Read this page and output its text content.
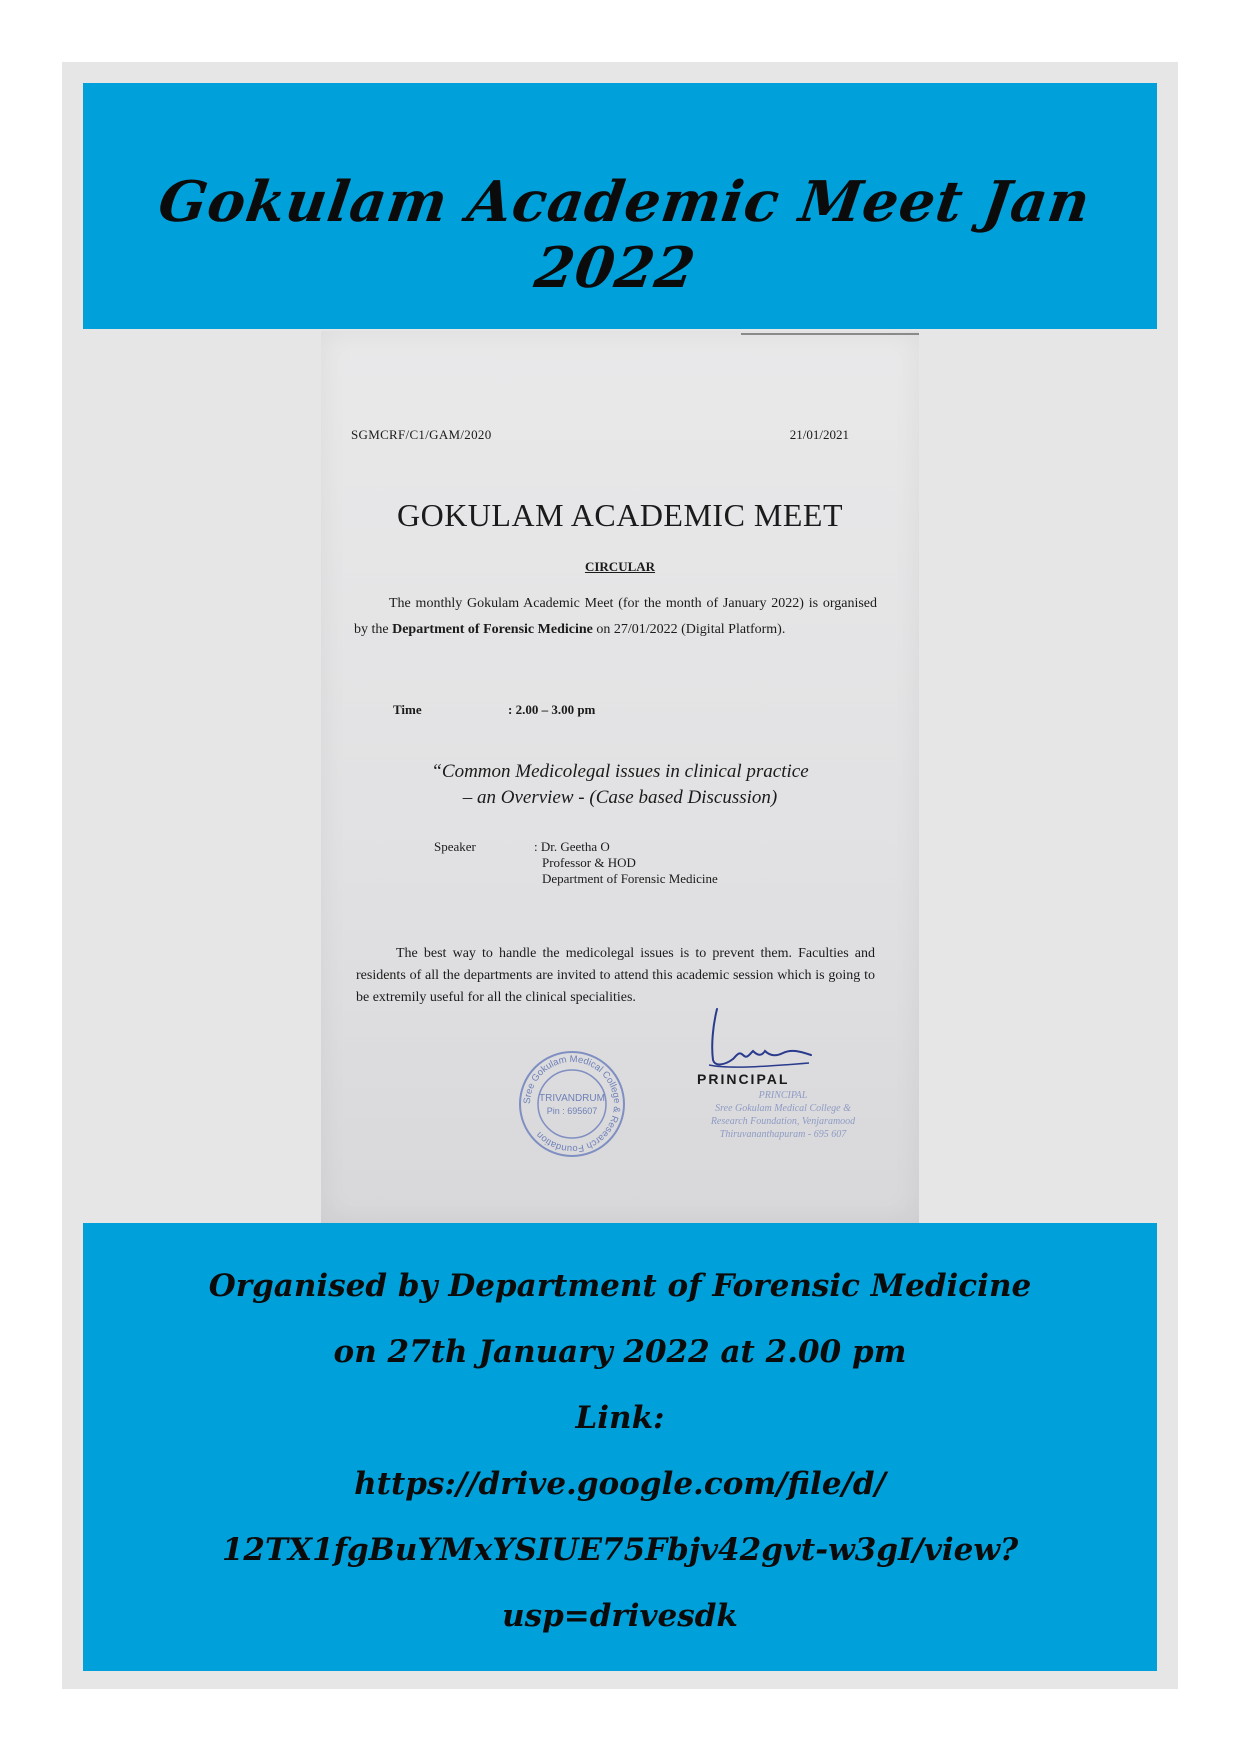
Gokulam Academic Meet Jan 2022
SGMCRF/C1/GAM/2020	21/01/2021
GOKULAM ACADEMIC MEET
CIRCULAR
The monthly Gokulam Academic Meet (for the month of January 2022) is organised by the Department of Forensic Medicine on 27/01/2022 (Digital Platform).
Time	: 2.00 – 3.00 pm
“Common Medicolegal issues in clinical practice
– an Overview - (Case based Discussion)
Speaker	: Dr. Geetha O
Professor & HOD
Department of Forensic Medicine
The best way to handle the medicolegal issues is to prevent them. Faculties and residents of all the departments are invited to attend this academic session which is going to be extremily useful for all the clinical specialities.
Sree Gokulam Medical College & Research Foundation
TRIVANDRUM
Pin : 695607
PRINCIPAL
PRINCIPAL
Sree Gokulam Medical College &
Research Foundation, Venjaramood
Thiruvananthapuram - 695 607
Organised by Department of Forensic Medicine
on 27th January 2022 at 2.00 pm
Link:
https://drive.google.com/file/d/
12TX1fgBuYMxYSIUE75Fbjv42gvt-w3gI/view?
usp=drivesdk
